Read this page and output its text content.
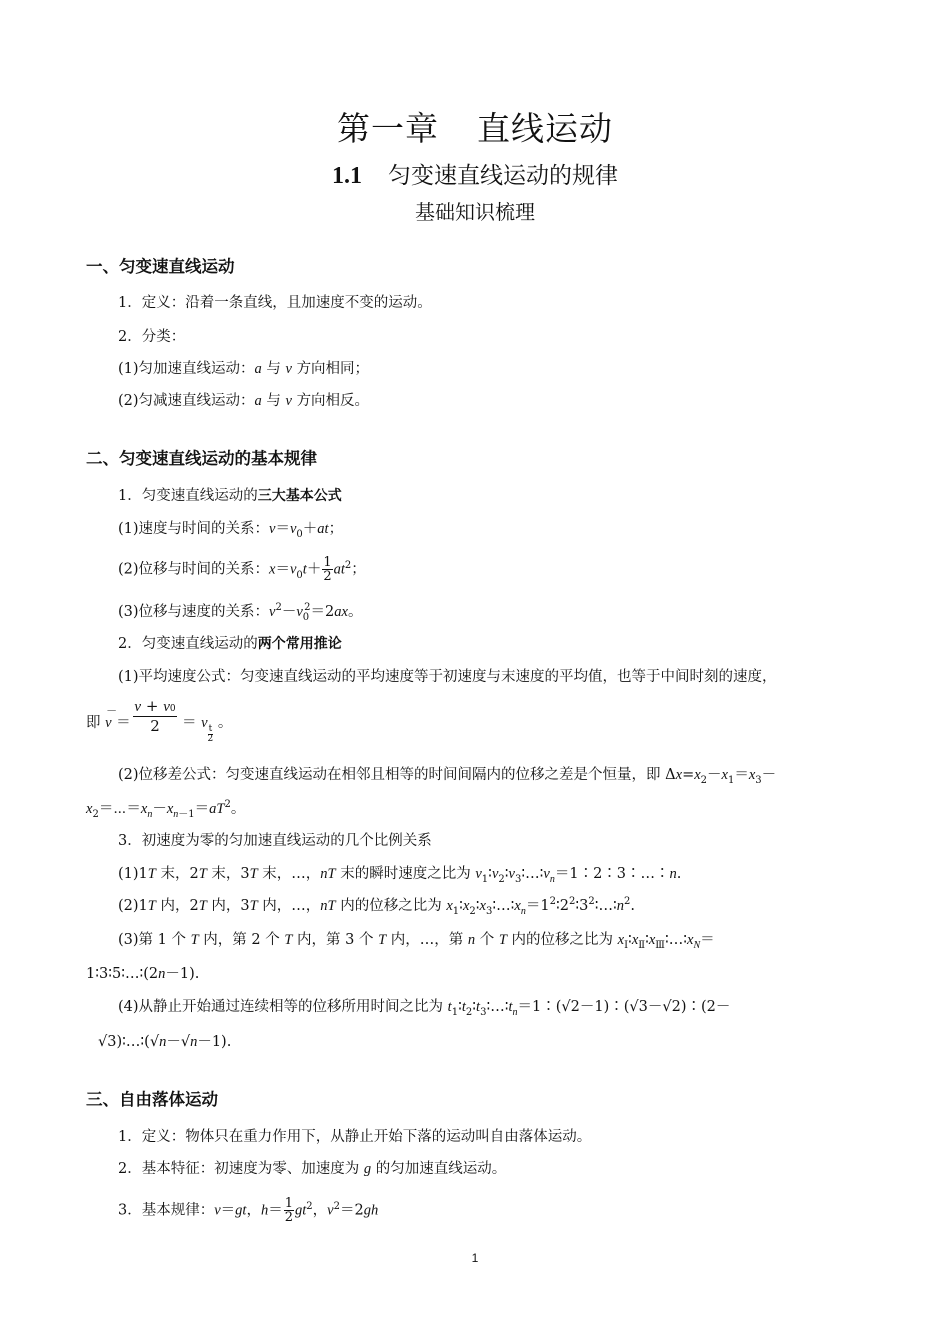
第一章 直线运动
1.1 匀变速直线运动的规律
基础知识梳理
一、匀变速直线运动
1．定义：沿着一条直线，且加速度不变的运动。
2．分类：
(1)匀加速直线运动：a 与 v 方向相同；
(2)匀减速直线运动：a 与 v 方向相反。
二、匀变速直线运动的基本规律
1．匀变速直线运动的三大基本公式
(1)速度与时间的关系：$v=v_0+at$；
(2)位移与时间的关系：$x=v_0t+ \frac{1}{2} at^2$；
(3)位移与速度的关系：$v^2-v_0^2=2ax$。
2．匀变速直线运动的两个常用推论
(1)平均速度公式：匀变速直线运动的平均速度等于初速度与末速度的平均值，也等于中间时刻的速度，
即
－
v ＝
v + v0
2	＝ v
$\frac{t}{2}$
。
(2)位移差公式：匀变速直线运动在相邻且相等的时间间隔内的位移之差是个恒量，即 $\Delta x=x_2-x_1=x_3-$
$x_2=\cdots=x_n-x_{n-1}=aT^2$。
3．初速度为零的匀加速直线运动的几个比例关系
(1)1T 末，2T 末，3T 末，…，nT 末的瞬时速度之比为 $v_1∶v_2∶v_3∶\dots∶v_n=1∶2∶3∶\dots∶n$.
(2)1T 内，2T 内，3T 内，…，nT 内的位移之比为 $x_1∶x_2∶x_3∶\dots∶x_n=1^2∶2^2∶3^2∶\dots∶n^2$.
(3)第 1 个 T 内，第 2 个 T 内，第 3 个 T 内，…，第 n 个 T 内的位移之比为 $x_Ⅰ∶x_Ⅱ∶x_Ⅲ∶\dots∶x_N=$
1∶3∶5∶…∶(2n－1).
(4)从静止开始通过连续相等的位移所用时间之比为 $t_1∶t_2∶t_3∶\dots∶t_n=1∶(√2-1)∶(√3-√2)∶(2-$
√3)∶…∶(√n－√n－1).
三、自由落体运动
1．定义：物体只在重力作用下，从静止开始下落的运动叫自由落体运动。
2．基本特征：初速度为零、加速度为 g 的匀加速直线运动。
3．基本规律：v＝gt，$h= \frac{1}{2} gt^2$，$v^2=2gh$
1
